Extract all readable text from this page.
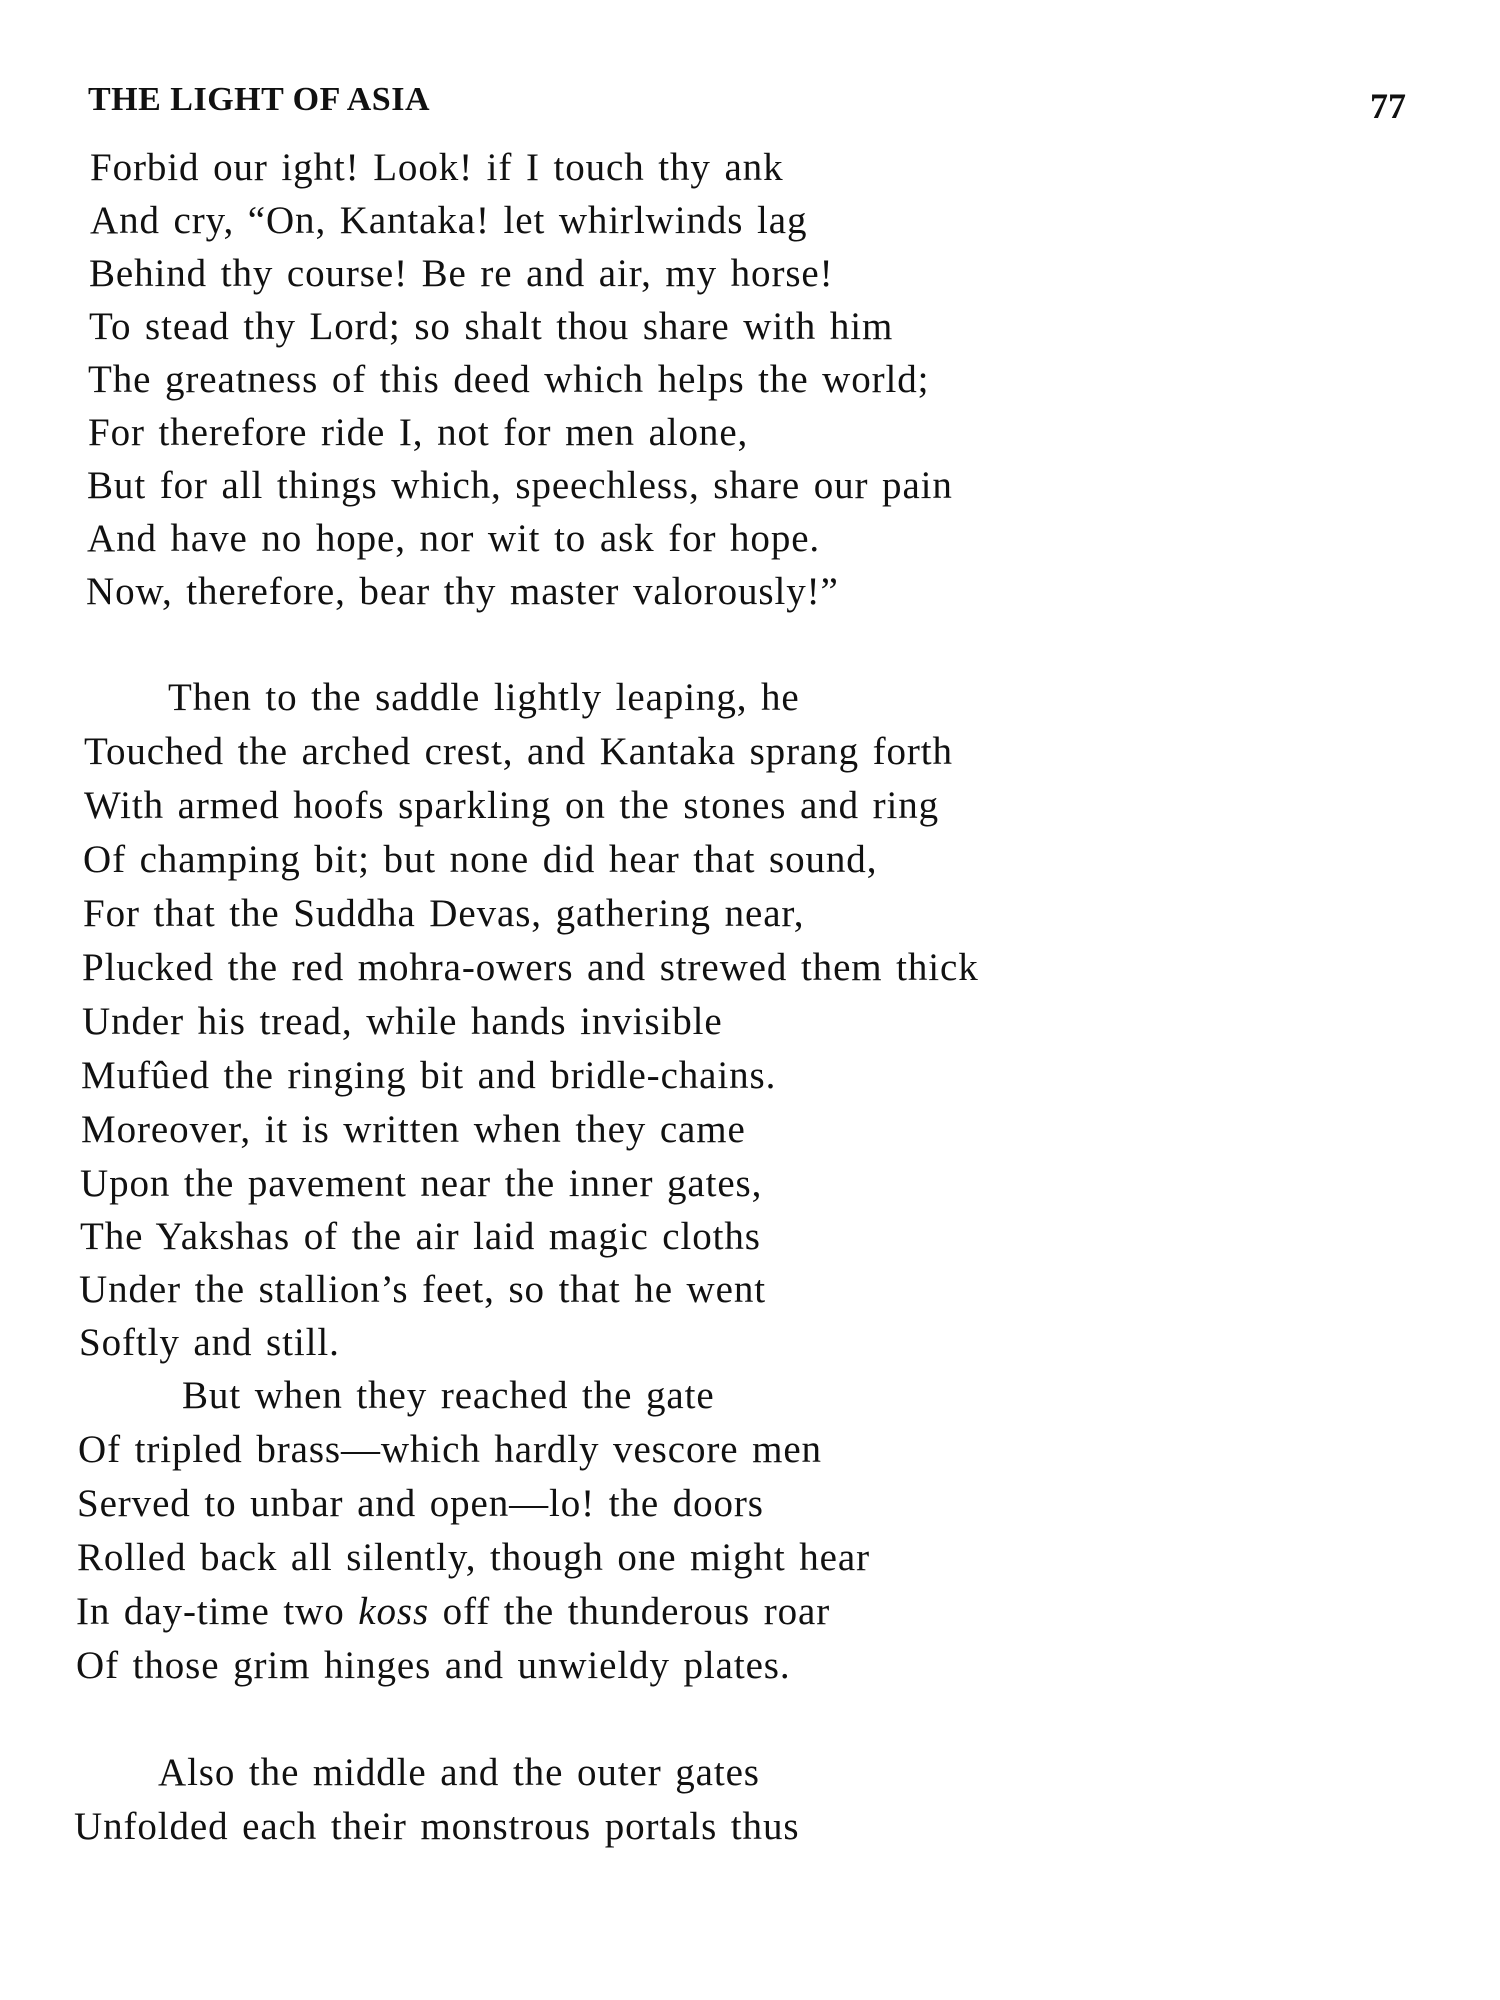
THE LIGHT OF ASIA	77
Forbid our ight! Look! if I touch thy ank
And cry, “On, Kantaka! let whirlwinds lag
Behind thy course! Be re and air, my horse!
To stead thy Lord; so shalt thou share with him
The greatness of this deed which helps the world;
For therefore ride I, not for men alone,
But for all things which, speechless, share our pain
And have no hope, nor wit to ask for hope.
Now, therefore, bear thy master valorously!”
Then to the saddle lightly leaping, he
Touched the arched crest, and Kantaka sprang forth
With armed hoofs sparkling on the stones and ring
Of champing bit; but none did hear that sound,
For that the Suddha Devas, gathering near,
Plucked the red mohra-owers and strewed them thick
Under his tread, while hands invisible
Mufûed the ringing bit and bridle-chains.
Moreover, it is written when they came
Upon the pavement near the inner gates,
The Yakshas of the air laid magic cloths
Under the stallion’s feet, so that he went
Softly and still.
But when they reached the gate
Of tripled brass—which hardly vescore men
Served to unbar and open—lo! the doors
Rolled back all silently, though one might hear
In day-time two koss off the thunderous roar
Of those grim hinges and unwieldy plates.
Also the middle and the outer gates
Unfolded each their monstrous portals thus
